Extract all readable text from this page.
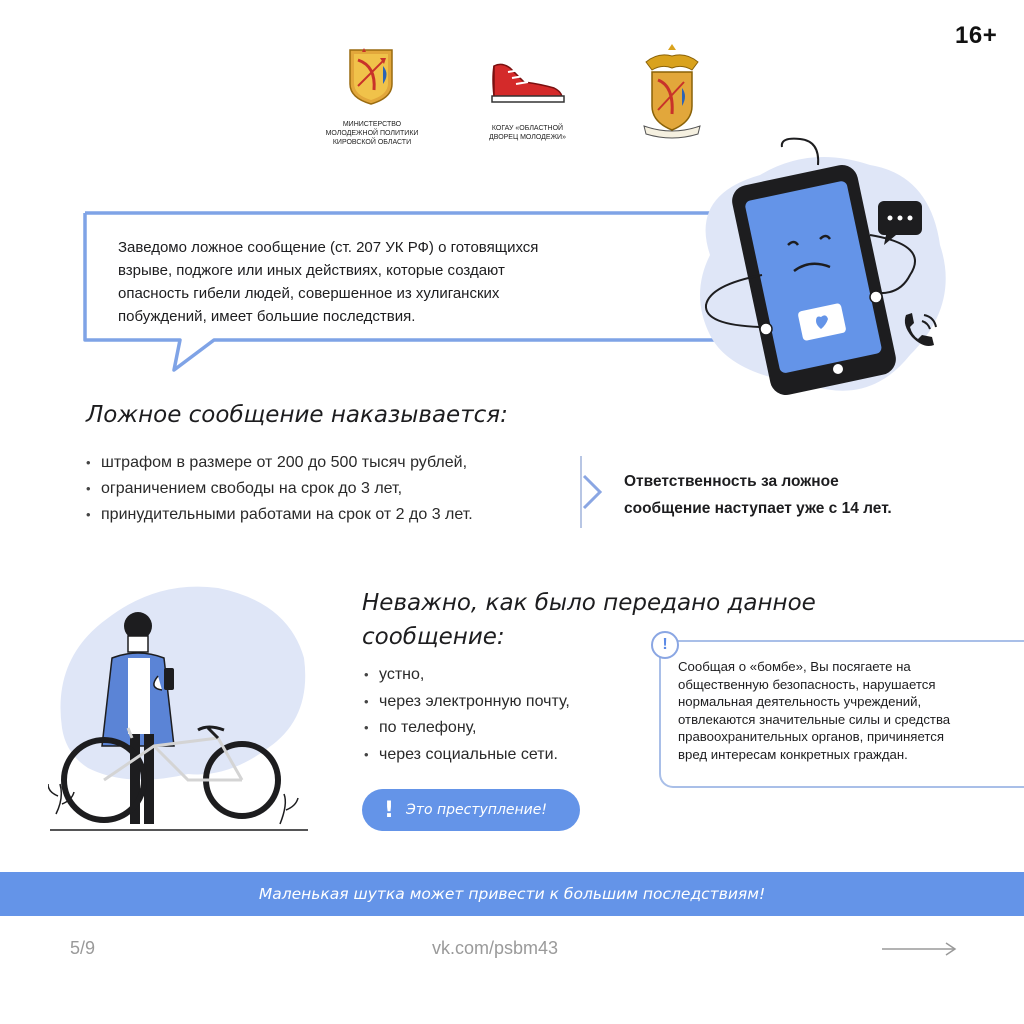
16+
МИНИСТЕРСТВО
МОЛОДЕЖНОЙ ПОЛИТИКИ
КИРОВСКОЙ ОБЛАСТИ
КОГАУ «ОБЛАСТНОЙ
ДВОРЕЦ МОЛОДЕЖИ»
Заведомо ложное сообщение (ст. 207 УК РФ) о готовящихся
взрыве, поджоге или иных действиях, которые создают
опасность гибели людей, совершенное из хулиганских
побуждений, имеет большие последствия.
Ложное сообщение наказывается:
• штрафом в размере от 200 до 500 тысяч рублей,
• ограничением свободы на срок до 3 лет,
• принудительными работами на срок от 2 до 3 лет.
Ответственность за ложное
сообщение наступает уже с 14 лет.
Неважно, как было передано данное сообщение:
• устно,
• через электронную почту,
• по телефону,
• через социальные сети.
!
Сообщая о «бомбе», Вы посягаете на
общественную безопасность, нарушается
нормальная деятельность учреждений,
отвлекаются значительные силы и средства
правоохранительных органов, причиняется
вред интересам конкретных граждан.
! Это преступление!
Маленькая шутка может привести к большим последствиям!
5/9	vk.com/psbm43
